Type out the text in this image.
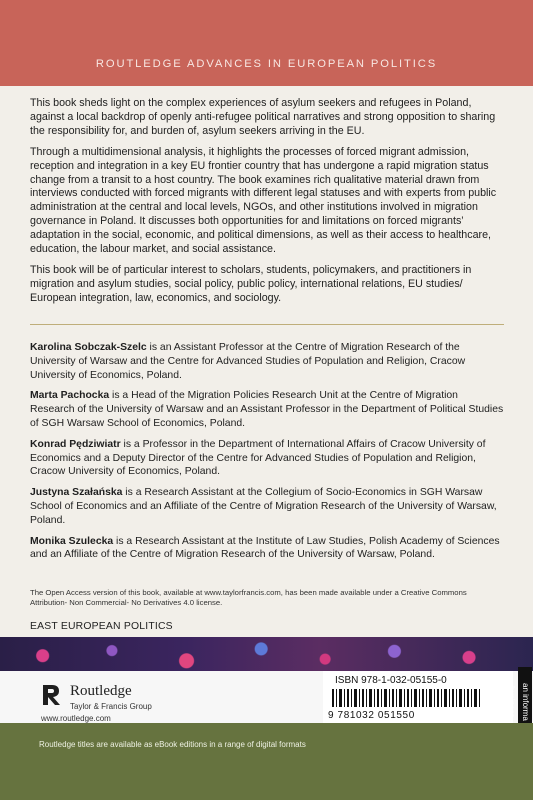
ROUTLEDGE ADVANCES IN EUROPEAN POLITICS

This book sheds light on the complex experiences of asylum seekers and refugees in Poland, against a local backdrop of openly anti-refugee political narratives and strong opposition to sharing the responsibility for, and burden of, asylum seekers arriving in the EU.

Through a multidimensional analysis, it highlights the processes of forced migrant admission, reception and integration in a key EU frontier country that has undergone a rapid migration status change from a transit to a host country. The book examines rich qualitative material drawn from interviews conducted with forced migrants with different legal statuses and with experts from public administration at the central and local levels, NGOs, and other institutions involved in migration governance in Poland. It discusses both opportunities for and limitations on forced migrants’ adaptation in the social, economic, and political dimensions, as well as their access to healthcare, education, the labour market, and social assistance.

This book will be of particular interest to scholars, students, policymakers, and practitioners in migration and asylum studies, social policy, public policy, international relations, EU studies/ European integration, law, economics, and sociology.

Karolina Sobczak-Szelc is an Assistant Professor at the Centre of Migration Research of the University of Warsaw and the Centre for Advanced Studies of Population and Religion, Cracow University of Economics, Poland.

Marta Pachocka is a Head of the Migration Policies Research Unit at the Centre of Migration Research of the University of Warsaw and an Assistant Professor in the Department of Political Studies of SGH Warsaw School of Economics, Poland.

Konrad Pędziwiatr is a Professor in the Department of International Affairs of Cracow University of Economics and a Deputy Director of the Centre for Advanced Studies of Population and Religion, Cracow University of Economics, Poland.

Justyna Szałańska is a Research Assistant at the Collegium of Socio-Economics in SGH Warsaw School of Economics and an Affiliate of the Centre of Migration Research of the University of Warsaw, Poland.

Monika Szulecka is a Research Assistant at the Institute of Law Studies, Polish Academy of Sciences and an Affiliate of the Centre of Migration Research of the University of Warsaw, Poland.

The Open Access version of this book, available at www.taylorfrancis.com, has been made available under a Creative Commons Attribution- Non Commercial- No Derivatives 4.0 license.
EAST EUROPEAN POLITICS
Routledge
Taylor & Francis Group
www.routledge.com
ISBN 978-1-032-05155-0
9 781032 051550	an informa business
Routledge titles are available as eBook editions in a range of digital formats
